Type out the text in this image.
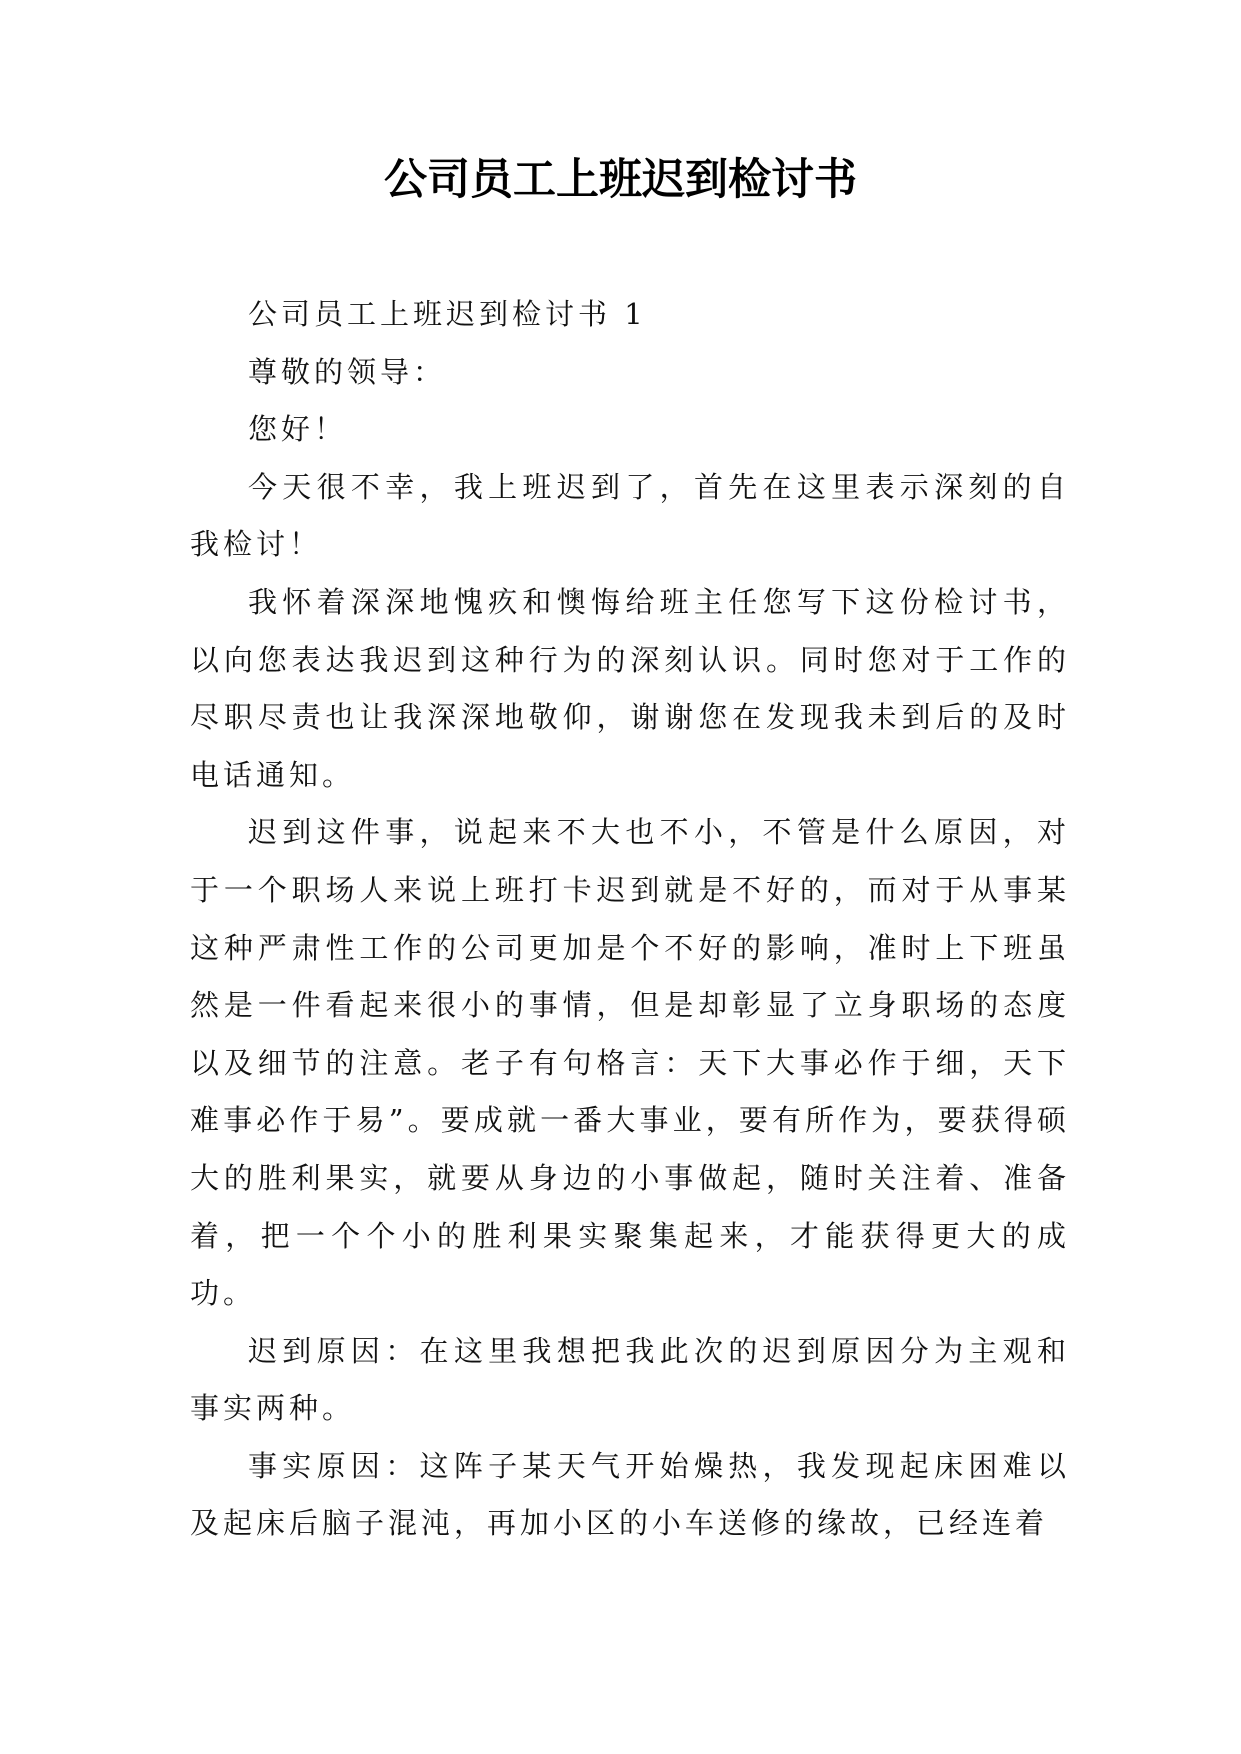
公司员工上班迟到检讨书

公司员工上班迟到检讨书 1

尊敬的领导：

您好！

今天很不幸，我上班迟到了，首先在这里表示深刻的自我检讨！

我怀着深深地愧疚和懊悔给班主任您写下这份检讨书，以向您表达我迟到这种行为的深刻认识。同时您对于工作的尽职尽责也让我深深地敬仰，谢谢您在发现我未到后的及时电话通知。

迟到这件事，说起来不大也不小，不管是什么原因，对于一个职场人来说上班打卡迟到就是不好的，而对于从事某这种严肃性工作的公司更加是个不好的影响，准时上下班虽然是一件看起来很小的事情，但是却彰显了立身职场的态度以及细节的注意。老子有句格言：天下大事必作于细，天下难事必作于易”。要成就一番大事业，要有所作为，要获得硕大的胜利果实，就要从身边的小事做起，随时关注着、准备着，把一个个小的胜利果实聚集起来，才能获得更大的成功。

迟到原因：在这里我想把我此次的迟到原因分为主观和事实两种。

事实原因：这阵子某天气开始燥热，我发现起床困难以及起床后脑子混沌，再加小区的小车送修的缘故，已经连着
